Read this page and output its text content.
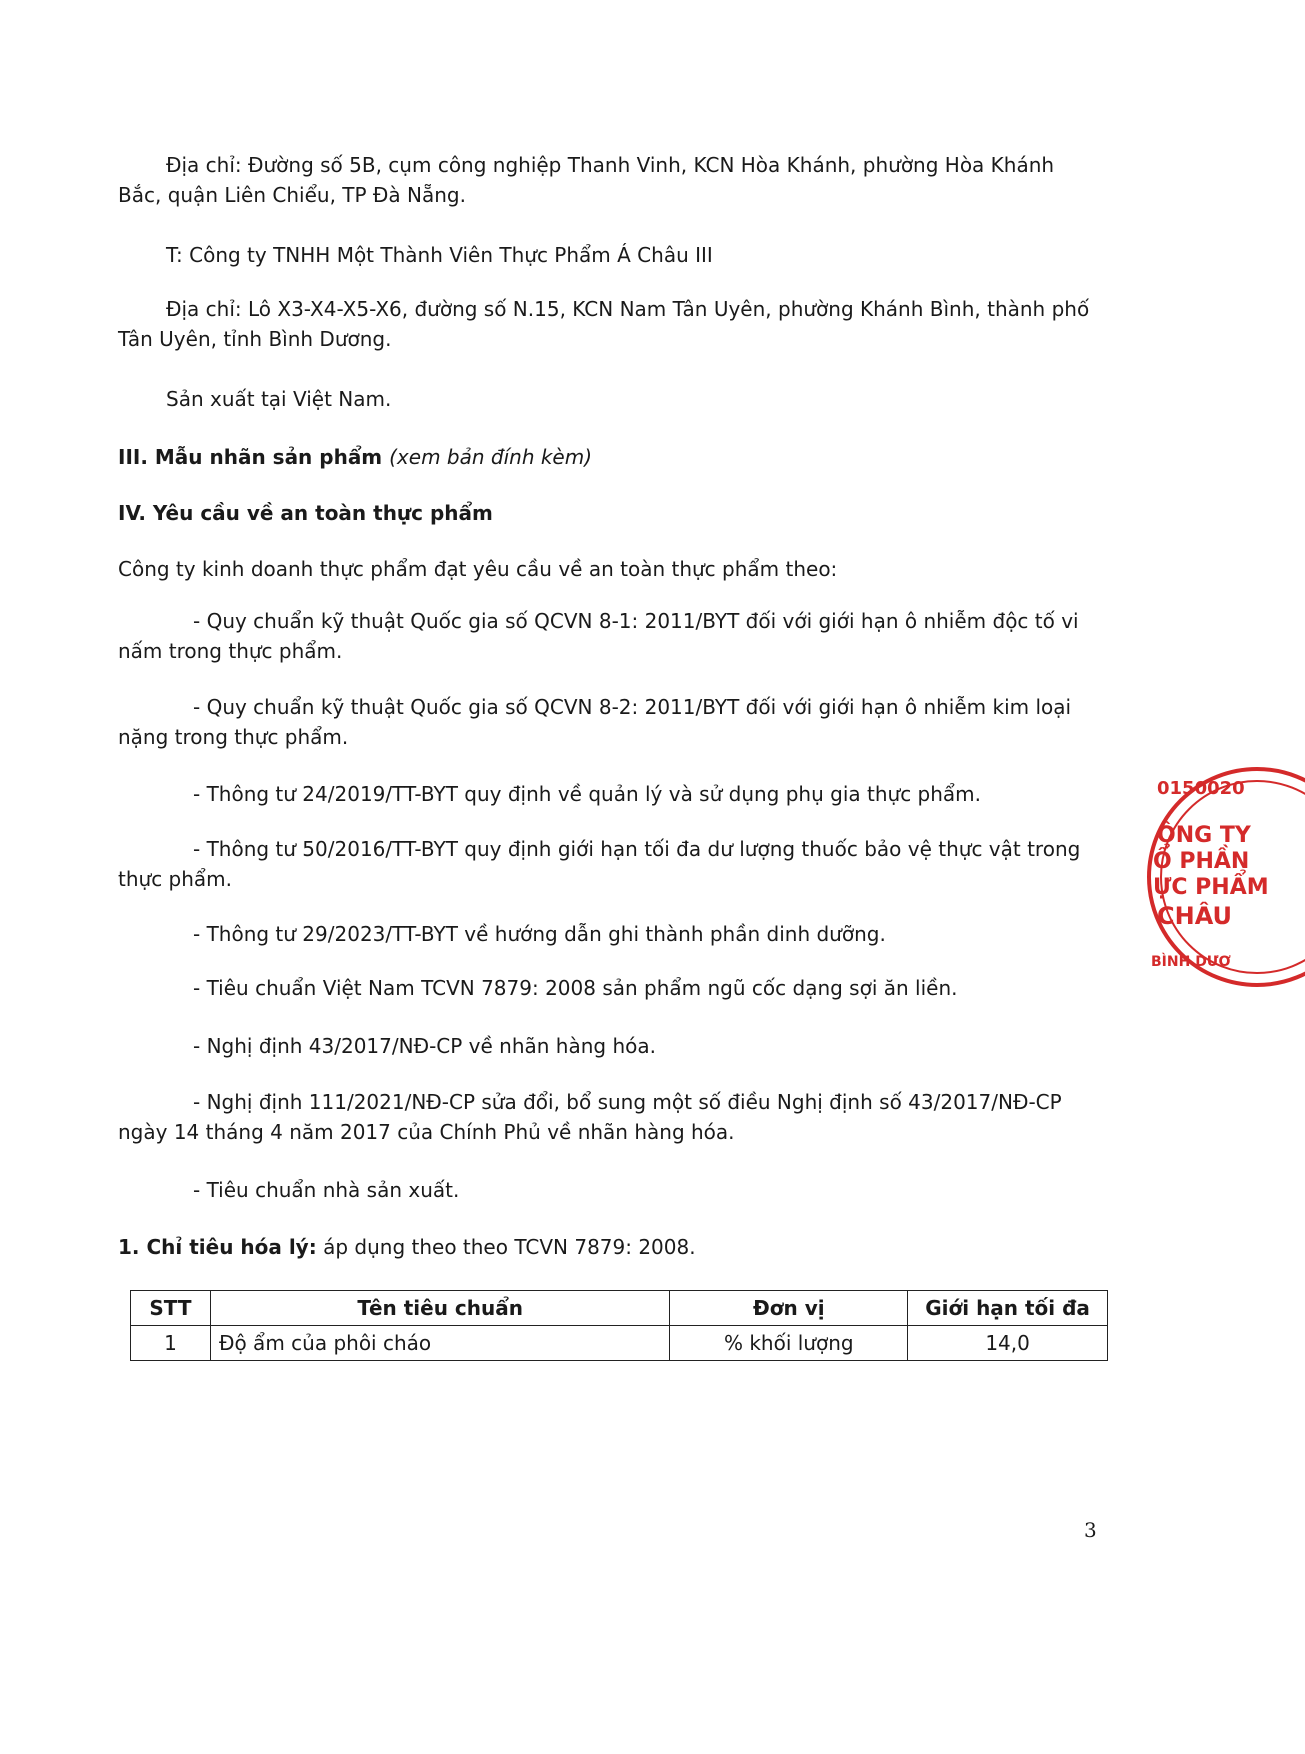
Địa chỉ: Đường số 5B, cụm công nghiệp Thanh Vinh, KCN Hòa Khánh, phường Hòa Khánh Bắc, quận Liên Chiểu, TP Đà Nẵng.

T: Công ty TNHH Một Thành Viên Thực Phẩm Á Châu III

Địa chỉ: Lô X3-X4-X5-X6, đường số N.15, KCN Nam Tân Uyên, phường Khánh Bình, thành phố Tân Uyên, tỉnh Bình Dương.

Sản xuất tại Việt Nam.

III. Mẫu nhãn sản phẩm (xem bản đính kèm)

IV. Yêu cầu về an toàn thực phẩm

Công ty kinh doanh thực phẩm đạt yêu cầu về an toàn thực phẩm theo:

- Quy chuẩn kỹ thuật Quốc gia số QCVN 8-1: 2011/BYT đối với giới hạn ô nhiễm độc tố vi nấm trong thực phẩm.

- Quy chuẩn kỹ thuật Quốc gia số QCVN 8-2: 2011/BYT đối với giới hạn ô nhiễm kim loại nặng trong thực phẩm.

- Thông tư 24/2019/TT-BYT quy định về quản lý và sử dụng phụ gia thực phẩm.

- Thông tư 50/2016/TT-BYT quy định giới hạn tối đa dư lượng thuốc bảo vệ thực vật trong thực phẩm.

- Thông tư 29/2023/TT-BYT về hướng dẫn ghi thành phần dinh dưỡng.

- Tiêu chuẩn Việt Nam TCVN 7879: 2008 sản phẩm ngũ cốc dạng sợi ăn liền.

- Nghị định 43/2017/NĐ-CP về nhãn hàng hóa.

- Nghị định 111/2021/NĐ-CP sửa đổi, bổ sung một số điều Nghị định số 43/2017/NĐ-CP ngày 14 tháng 4 năm 2017 của Chính Phủ về nhãn hàng hóa.

- Tiêu chuẩn nhà sản xuất.

1. Chỉ tiêu hóa lý: áp dụng theo theo TCVN 7879: 2008.

STT	Tên tiêu chuẩn	Đơn vị	Giới hạn tối đa
1	Độ ẩm của phôi cháo	% khối lượng	14,0
0150020
ÔNG TY
Ổ PHẦN
ỰC PHẨM
CHÂU
BÌNH DƯƠ
3
